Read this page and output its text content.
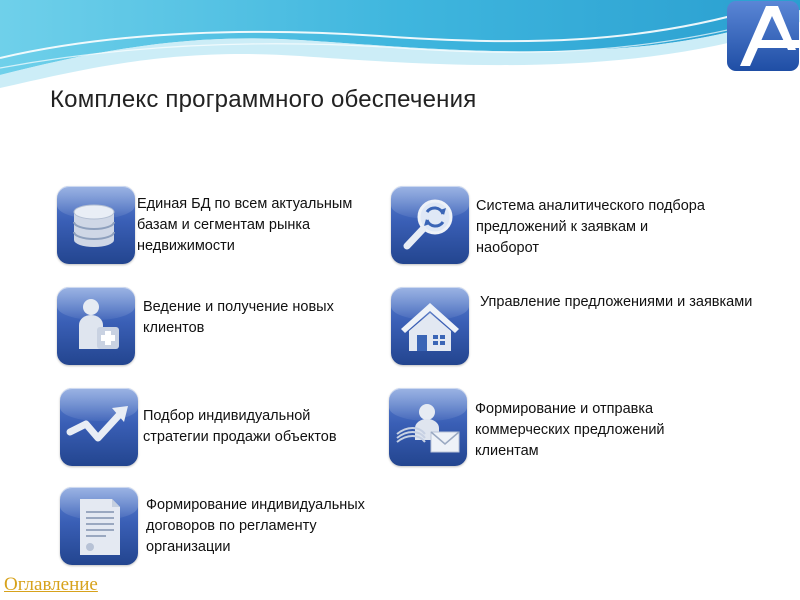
Комплекс программного обеспечения
Единая БД по всем актуальным
базам и сегментам рынка
недвижимости
Система аналитического подбора
предложений к заявкам и
наоборот
Ведение и получение новых
клиентов
Управление предложениями и заявками
Подбор индивидуальной
стратегии продажи объектов
Формирование и отправка
коммерческих предложений
клиентам
Формирование индивидуальных
договоров по регламенту
организации
Оглавление
